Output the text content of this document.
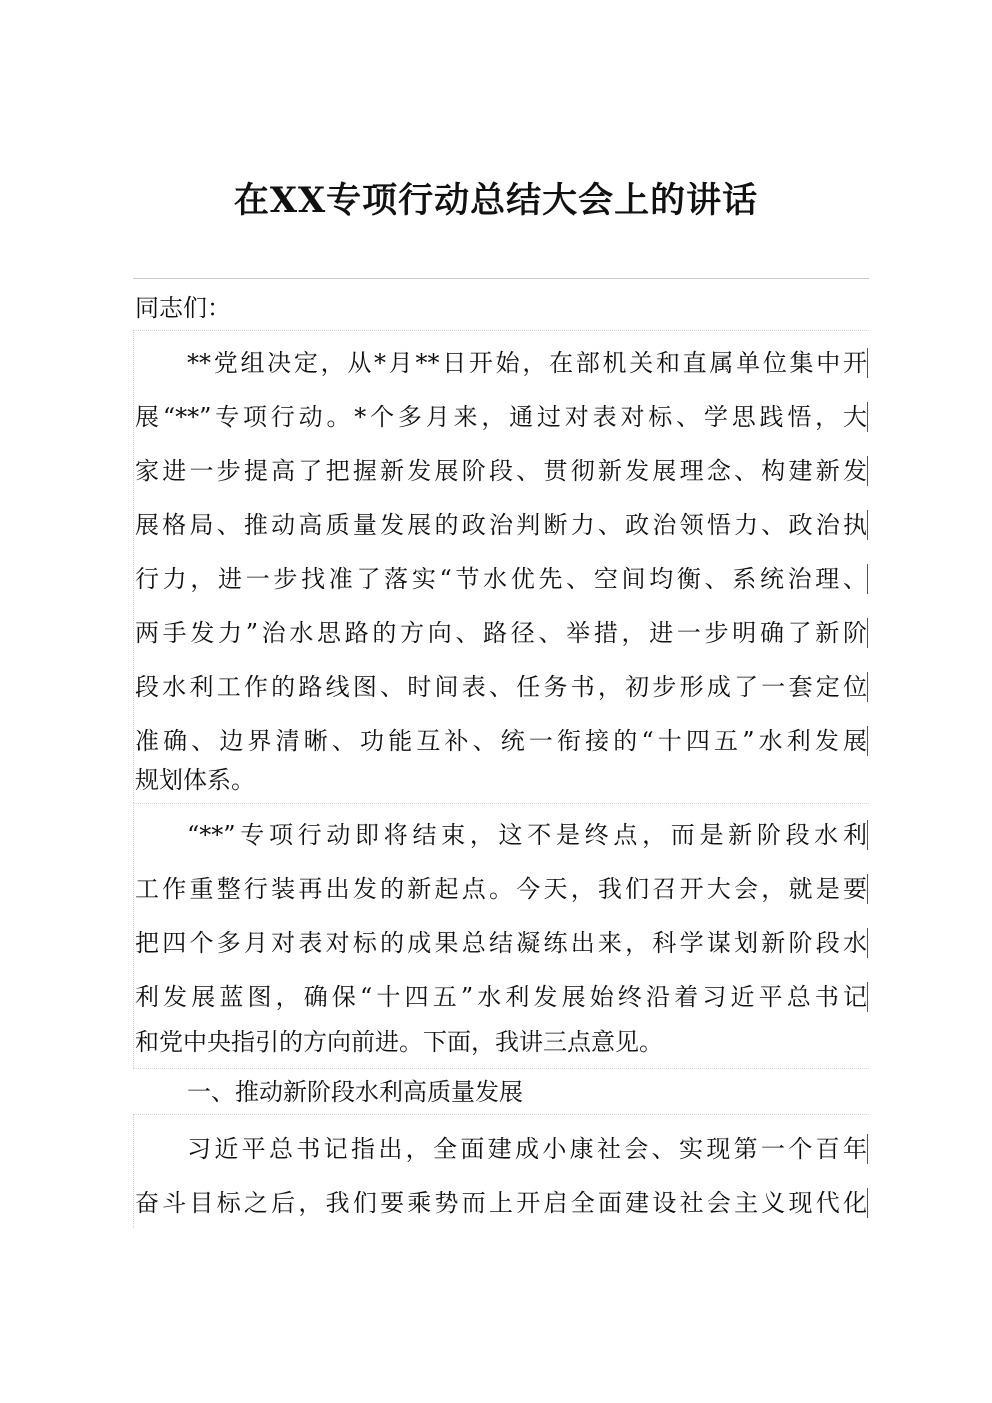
在XX专项行动总结大会上的讲话
同志们：
**党组决定，从*月**日开始，在部机关和直属单位集中开
展“**”专项行动。*个多月来，通过对表对标、学思践悟，大
家进一步提高了把握新发展阶段、贯彻新发展理念、构建新发
展格局、推动高质量发展的政治判断力、政治领悟力、政治执
行力，进一步找准了落实“节水优先、空间均衡、系统治理、
两手发力”治水思路的方向、路径、举措，进一步明确了新阶
段水利工作的路线图、时间表、任务书，初步形成了一套定位
准确、边界清晰、功能互补、统一衔接的“十四五”水利发展
规划体系。
“**”专项行动即将结束，这不是终点，而是新阶段水利
工作重整行装再出发的新起点。今天，我们召开大会，就是要
把四个多月对表对标的成果总结凝练出来，科学谋划新阶段水
利发展蓝图，确保“十四五”水利发展始终沿着习近平总书记
和党中央指引的方向前进。下面，我讲三点意见。
一、推动新阶段水利高质量发展
习近平总书记指出，全面建成小康社会、实现第一个百年
奋斗目标之后，我们要乘势而上开启全面建设社会主义现代化
